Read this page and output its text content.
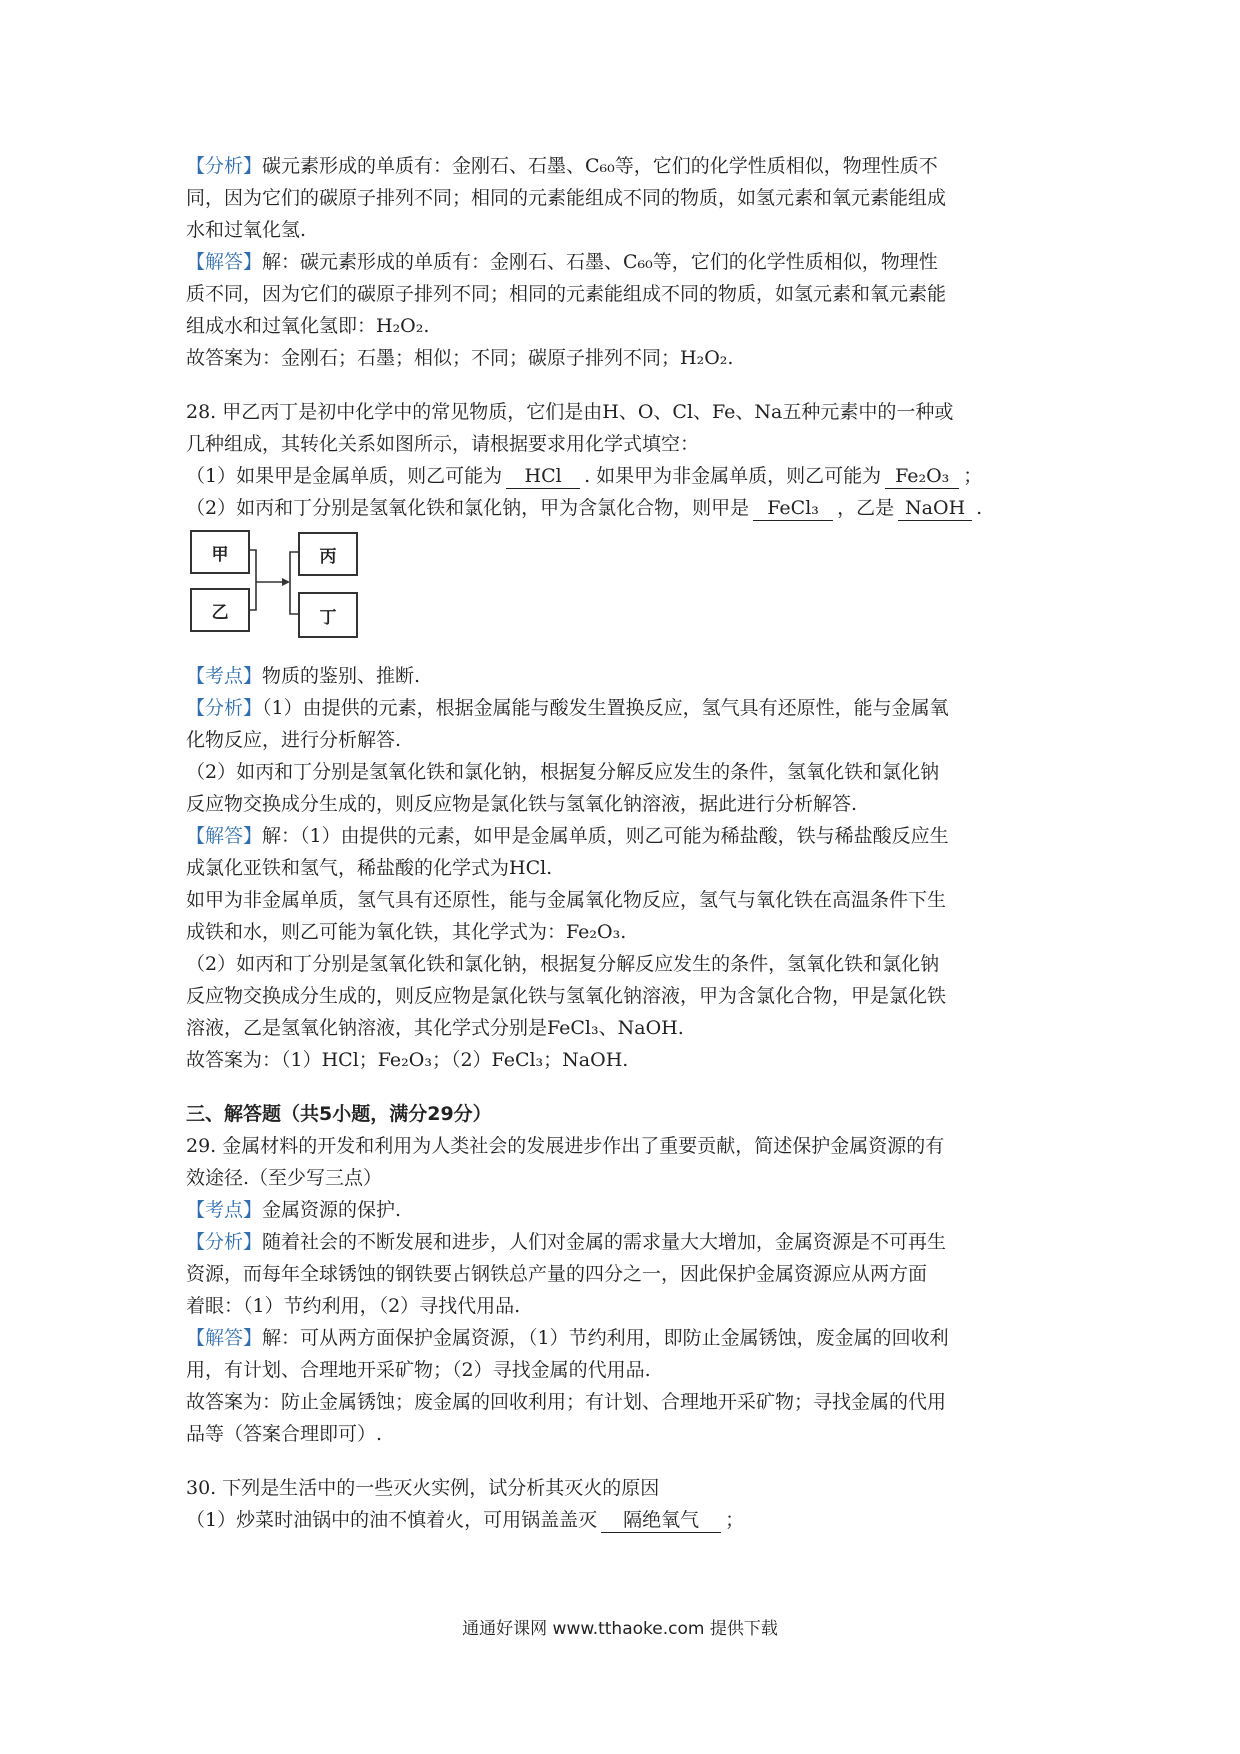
【分析】碳元素形成的单质有：金刚石、石墨、C₆₀等，它们的化学性质相似，物理性质不
同，因为它们的碳原子排列不同；相同的元素能组成不同的物质，如氢元素和氧元素能组成
水和过氧化氢.
【解答】解：碳元素形成的单质有：金刚石、石墨、C₆₀等，它们的化学性质相似，物理性
质不同，因为它们的碳原子排列不同；相同的元素能组成不同的物质，如氢元素和氧元素能
组成水和过氧化氢即：H₂O₂.
故答案为：金刚石；石墨；相似；不同；碳原子排列不同；H₂O₂.
28. 甲乙丙丁是初中化学中的常见物质，它们是由H、O、Cl、Fe、Na五种元素中的一种或
几种组成，其转化关系如图所示，请根据要求用化学式填空：
（1）如果甲是金属单质，则乙可能为 HCl . 如果甲为非金属单质，则乙可能为 Fe₂O₃ ；
（2）如丙和丁分别是氢氧化铁和氯化钠，甲为含氯化合物，则甲是 FeCl₃ ，乙是 NaOH .
甲
乙
丙
丁
【考点】物质的鉴别、推断.
【分析】（1）由提供的元素，根据金属能与酸发生置换反应，氢气具有还原性，能与金属氧
化物反应，进行分析解答.
（2）如丙和丁分别是氢氧化铁和氯化钠，根据复分解反应发生的条件，氢氧化铁和氯化钠
反应物交换成分生成的，则反应物是氯化铁与氢氧化钠溶液，据此进行分析解答.
【解答】解：（1）由提供的元素，如甲是金属单质，则乙可能为稀盐酸，铁与稀盐酸反应生
成氯化亚铁和氢气，稀盐酸的化学式为HCl.
如甲为非金属单质，氢气具有还原性，能与金属氧化物反应，氢气与氧化铁在高温条件下生
成铁和水，则乙可能为氧化铁，其化学式为：Fe₂O₃.
（2）如丙和丁分别是氢氧化铁和氯化钠，根据复分解反应发生的条件，氢氧化铁和氯化钠
反应物交换成分生成的，则反应物是氯化铁与氢氧化钠溶液，甲为含氯化合物，甲是氯化铁
溶液，乙是氢氧化钠溶液，其化学式分别是FeCl₃、NaOH.
故答案为：（1）HCl；Fe₂O₃；（2）FeCl₃；NaOH.
三、解答题（共5小题，满分29分）
29. 金属材料的开发和利用为人类社会的发展进步作出了重要贡献，简述保护金属资源的有
效途径.（至少写三点）
【考点】金属资源的保护.
【分析】随着社会的不断发展和进步，人们对金属的需求量大大增加，金属资源是不可再生
资源，而每年全球锈蚀的钢铁要占钢铁总产量的四分之一，因此保护金属资源应从两方面
着眼：（1）节约利用，（2）寻找代用品.
【解答】解：可从两方面保护金属资源，（1）节约利用，即防止金属锈蚀，废金属的回收利
用，有计划、合理地开采矿物；（2）寻找金属的代用品.
故答案为：防止金属锈蚀；废金属的回收利用；有计划、合理地开采矿物；寻找金属的代用
品等（答案合理即可）.
30. 下列是生活中的一些灭火实例，试分析其灭火的原因
（1）炒菜时油锅中的油不慎着火，可用锅盖盖灭 隔绝氧气 ；
通通好课网 www.tthaoke.com 提供下载
